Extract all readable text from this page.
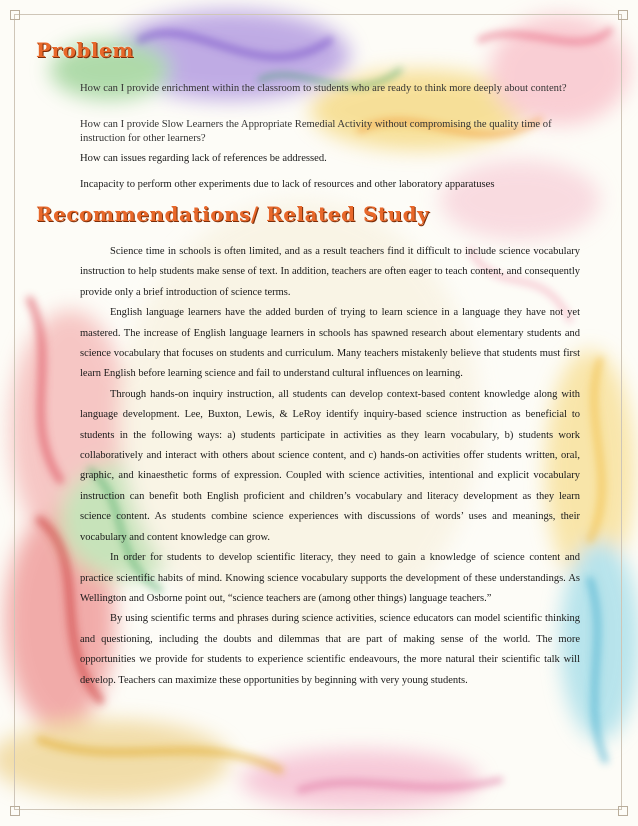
Problem
How can I provide enrichment within the classroom to students who are ready to think more deeply about content?
How can I provide Slow Learners the Appropriate Remedial Activity without compromising the quality time of instruction for other learners?
How can issues regarding lack of references be addressed.
Incapacity to perform other experiments due to lack of resources and other laboratory apparatuses
Recommendations/ Related Study

Science time in schools is often limited, and as a result teachers find it difficult to include science vocabulary instruction to help students make sense of text. In addition, teachers are often eager to teach content, and consequently provide only a brief introduction of science terms.

English language learners have the added burden of trying to learn science in a language they have not yet mastered. The increase of English language learners in schools has spawned research about elementary students and science vocabulary that focuses on students and curriculum. Many teachers mistakenly believe that students must first learn English before learning science and fail to understand cultural influences on learning.

Through hands-on inquiry instruction, all students can develop context-based content knowledge along with language development. Lee, Buxton, Lewis, & LeRoy identify inquiry-based science instruction as beneficial to students in the following ways: a) students participate in activities as they learn vocabulary, b) students work collaboratively and interact with others about science content, and c) hands-on activities offer students written, oral, graphic, and kinaesthetic forms of expression. Coupled with science activities, intentional and explicit vocabulary instruction can benefit both English proficient and children’s vocabulary and literacy development as they learn science content. As students combine science experiences with discussions of words’ uses and meanings, their vocabulary and content knowledge can grow.

In order for students to develop scientific literacy, they need to gain a knowledge of science content and practice scientific habits of mind. Knowing science vocabulary supports the development of these understandings. As Wellington and Osborne point out, “science teachers are (among other things) language teachers.”

By using scientific terms and phrases during science activities, science educators can model scientific thinking and questioning, including the doubts and dilemmas that are part of making sense of the world. The more opportunities we provide for students to experience scientific endeavours, the more natural their scientific talk will develop. Teachers can maximize these opportunities by beginning with very young students.
